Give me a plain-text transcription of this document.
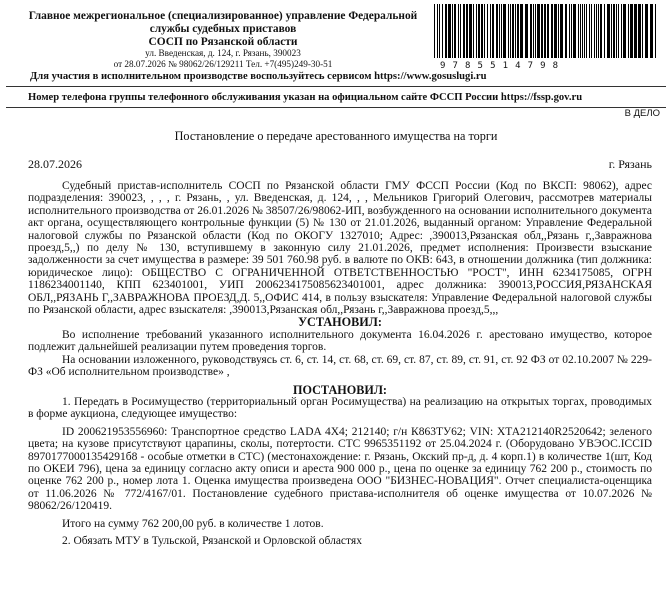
Главное межрегиональное (специализированное) управление Федеральной
службы судебных приставов
СОСП по Рязанской области
ул. Введенская, д. 124, г. Рязань, 390023
от 28.07.2026 № 98062/26/129211 Тел. +7(495)249-30-51	9785514798
Для участия в исполнительном производстве воспользуйтесь сервисом https://www.gosuslugi.ru
Номер телефона группы телефонного обслуживания указан на официальном сайте ФССП России https://fssp.gov.ru
В ДЕЛО
Постановление о передаче арестованного имущества на торги
28.07.2026	г. Рязань

Судебный пристав-исполнитель СОСП по Рязанской области ГМУ ФССП России (Код по ВКСП: 98062), адрес подразделения: 390023, , , , г. Рязань, , ул. Введенская, д. 124, , , Мельников Григорий Олегович, рассмотрев материалы исполнительного производства от 26.01.2026 № 38507/26/98062-ИП, возбужденного на основании исполнительного документа акт органа, осуществляющего контрольные функции (5) № 130 от 21.01.2026, выданный органом: Управление Федеральной налоговой службы по Рязанской области (Код по ОКОГУ 1327010; Адрес: ,390013,Рязанская обл,,Рязань г,,Завражнова проезд,5,,) по делу № 130, вступившему в законную силу 21.01.2026, предмет исполнения: Произвести взыскание задолженности за счет имущества в размере: 39 501 760.98 руб. в валюте по ОКВ: 643, в отношении должника (тип должника: юридическое лицо): ОБЩЕСТВО С ОГРАНИЧЕННОЙ ОТВЕТСТВЕННОСТЬЮ "РОСТ", ИНН 6234175085, ОГРН 1186234001140, КПП 623401001, УИП 2006234175085623401001, адрес должника: 390013,РОССИЯ,РЯЗАНСКАЯ ОБЛ,,РЯЗАНЬ Г,,ЗАВРАЖНОВА ПРОЕЗД,Д. 5,,ОФИС 414, в пользу взыскателя: Управление Федеральной налоговой службы по Рязанской области, адрес взыскателя: ,390013,Рязанская обл,,Рязань г,,Завражнова проезд,5,,,

УСТАНОВИЛ:

Во исполнение требований указанного исполнительного документа 16.04.2026 г. арестовано имущество, которое подлежит дальнейшей реализации путем проведения торгов.

На основании изложенного, руководствуясь ст. 6, ст. 14, ст. 68, ст. 69, ст. 87, ст. 89, ст. 91, ст. 92 ФЗ от 02.10.2007 № 229-ФЗ «Об исполнительном производстве» ,

ПОСТАНОВИЛ:

1. Передать в Росимущество (территориальный орган Росимущества) на реализацию на открытых торгах, проводимых в форме аукциона, следующее имущество:

ID 200621953556960: Транспортное средство LADA 4X4; 212140; г/н К863ТУ62; VIN: ХТА212140R2520642; зеленого цвета; на кузове присутствуют царапины, сколы, потертости. СТС 9965351192 от 25.04.2024 г. (Оборудовано УВЭОС.ICCID 89701770001354291б8 - особые отметки в СТС) (местонахождение: г. Рязань, Окский пр-д, д. 4 корп.1) в количестве 1(шт, Код по ОКЕИ 796), цена за единицу согласно акту описи и ареста 900 000 р., цена по оценке за единицу 762 200 р., стоимость по оценке 762 200 р., номер лота 1. Оценка имущества произведена ООО "БИЗНЕС-НОВАЦИЯ". Отчет специалиста-оценщика от 11.06.2026 № 772/4167/01. Постановление судебного пристава-исполнителя об оценке имущества от 10.07.2026 № 98062/26/120419.

Итого на сумму 762 200,00 руб. в количестве 1 лотов.

2. Обязать МТУ в Тульской, Рязанской и Орловской областях
